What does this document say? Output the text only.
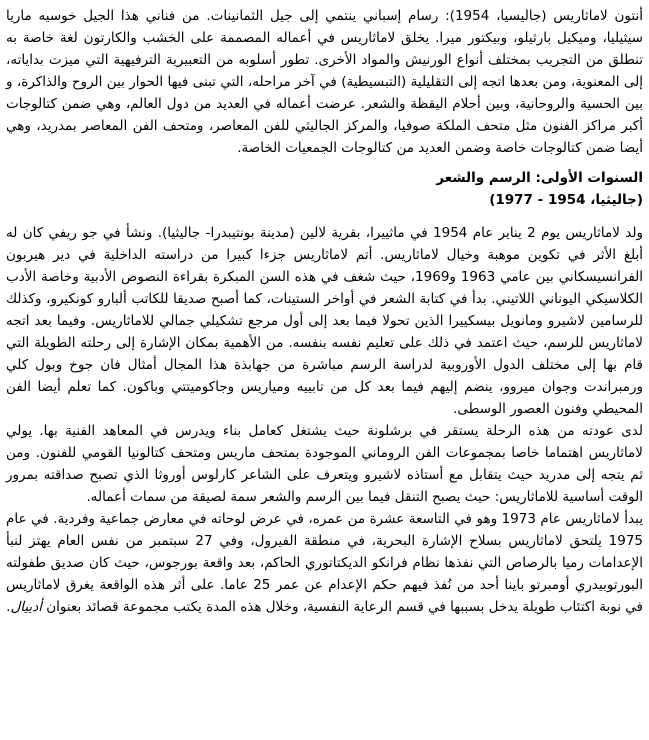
أنتون لاماثاريس (جاليسيا، 1954): رسام إسباني ينتمي إلى جيل الثمانينات. من فناني هذا الجيل خوسيه ماريا سيثيليا، وميكيل بارثيلو، وبيكتور ميرا. يخلق لاماثاريس في أعماله المصممة على الخشب والكارتون لغة خاصة به تنطلق من التجريب بمختلف أنواع الورنيش والمواد الأخرى. تطور أسلوبه من التعبيرية الترفيهية التي ميزت بداياته، إلى المعنوية، ومن بعدها اتجه إلى التقليلية (التبسيطية) في آخر مراحله، التي تبنى فيها الحوار بين الروح والذاكرة، و بين الحسية والروحانية، وبين أحلام اليقظة والشعر. عرضت أعماله في العديد من دول العالم، وهي ضمن كتالوجات أكبر مراكز الفنون مثل متحف الملكة صوفيا، والمركز الجاليثي للفن المعاصر، ومتحف الفن المعاصر بمدريد، وهي أيضا ضمن كتالوجات خاصة وضمن العديد من كتالوجات الجمعيات الخاصة.

السنوات الأولى: الرسم والشعر
(جاليثيا، 1954 - 1977)

ولد لاماثاريس يوم 2 يناير عام 1954 في ماثييرا، بقرية لالين (مدينة بونتيبدرا- جاليثيا). ونشأ في جو ريفي كان له أبلغ الأثر في تكوين موهبة وخيال لاماثاريس. أتم لاماثاريس جزءا كبيرا من دراسته الداخلية في دير هيربون الفرانسيسكاني بين عامي 1963 و1969، حيث شغف في هذه السن المبكرة بقراءة النصوص الأدبية وخاصة الأدب الكلاسيكي اليوناني اللاتيني. بدأ في كتابة الشعر في أواخر الستينات، كما أصبح صديقا للكاتب ألبارو كونكيرو، وكذلك للرسامين لاشيرو ومانويل بيسكييرا الذين تحولا فيما بعد إلى أول مرجع تشكيلي جمالي للاماثاريس. وفيما بعد اتجه لاماثاريس للرسم، حيث اعتمد في ذلك على تعليم نفسه بنفسه. من الأهمية بمكان الإشارة إلى رحلته الطويلة التي قام بها إلى مختلف الدول الأوروبية لدراسة الرسم مباشرة من جهابذة هذا المجال أمثال فان جوخ وبول كلي ورمبراندت وجوان ميروو، ينضم إليهم فيما بعد كل من تابييه ومياريس وجاكوميتتي وباكون. كما تعلم أيضا الفن المحيطي وفنون العصور الوسطى.

لدى عودته من هذه الرحلة يستقر في برشلونة حيث يشتغل كعامل بناء ويدرس في المعاهد الفنية بها. يولي لاماثاريس اهتماما خاصا بمجموعات الفن الروماني الموجودة بمتحف ماريس ومتحف كتالونيا القومي للفنون. ومن ثم يتجه إلى مدريد حيث يتقابل مع أستاذه لاشيرو ويتعرف على الشاعر كارلوس أوروثا الذي تصبح صداقته بمرور الوقت أساسية للاماثاريس: حيث يصبح التنقل فيما بين الرسم والشعر سمة لصيقة من سمات أعماله.

يبدأ لاماثاريس عام 1973 وهو في التاسعة عشرة من عمره، في عرض لوحاته في معارض جماعية وفردية. في عام 1975 يلتحق لاماثاريس بسلاح الإشارة البحرية، في منطقة الفيرول، وفي 27 سبتمبر من نفس العام يهتز لنبأ الإعدامات رميا بالرصاص التي نفذها نظام فرانكو الديكتاتوري الحاكم، بعد واقعة بورجوس، حيث كان صديق طفولته البورتوبيدري أومبرتو باينا أحد من نُفذ فيهم حكم الإعدام عن عمر 25 عاما. على أثر هذه الواقعة يغرق لاماثاريس في نوبة اكتئاب طويلة يدخل بسببها في قسم الرعاية النفسية، وخلال هذه المدة يكتب مجموعة قصائد بعنوان أدييال.
